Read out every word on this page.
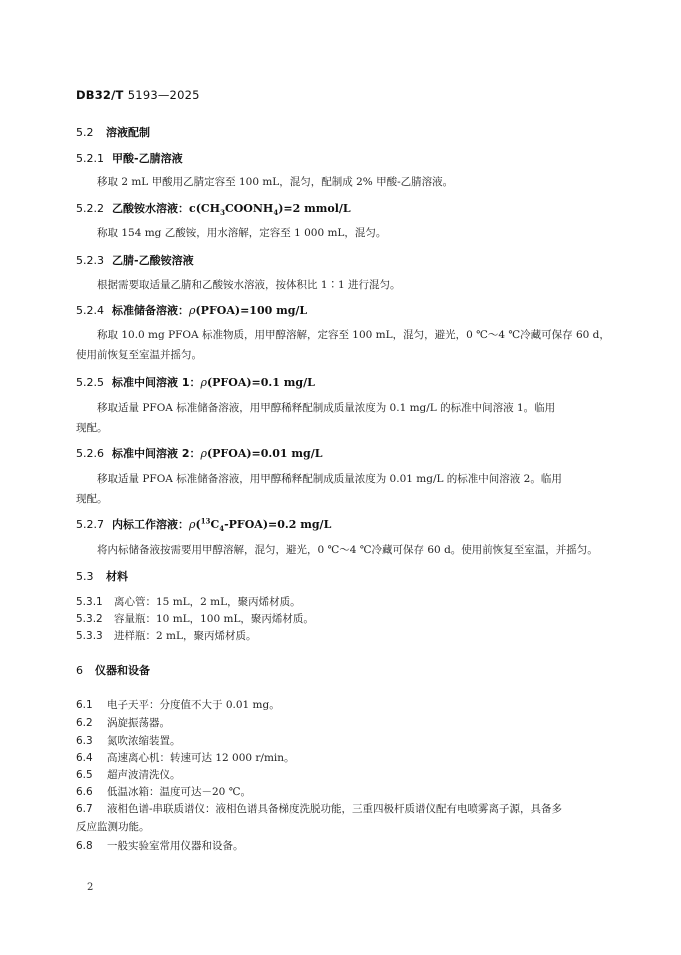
DB32/T 5193—2025
5.2 溶液配制
5.2.1 甲酸-乙腈溶液
移取 2 mL 甲酸用乙腈定容至 100 mL，混匀，配制成 2% 甲酸-乙腈溶液。
5.2.2 乙酸铵水溶液：$c(CH_3COONH_4)=2$ mmol/L
称取 154 mg 乙酸铵，用水溶解，定容至 1 000 mL，混匀。
5.2.3 乙腈-乙酸铵溶液
根据需要取适量乙腈和乙酸铵水溶液，按体积比 1∶1 进行混匀。
5.2.4 标准储备溶液：ρ(PFOA)=100 mg/L
称取 10.0 mg PFOA 标准物质，用甲醇溶解，定容至 100 mL，混匀，避光，0 ℃～4 ℃冷藏可保存 60 d，
使用前恢复至室温并摇匀。
5.2.5 标准中间溶液 1：ρ(PFOA)=0.1 mg/L
移取适量 PFOA 标准储备溶液，用甲醇稀释配制成质量浓度为 0.1 mg/L 的标准中间溶液 1。临用
现配。
5.2.6 标准中间溶液 2：ρ(PFOA)=0.01 mg/L
移取适量 PFOA 标准储备溶液，用甲醇稀释配制成质量浓度为 0.01 mg/L 的标准中间溶液 2。临用
现配。
5.2.7 内标工作溶液：$\rho(^{13}C_4-PFOA)=0.2$ mg/L
将内标储备液按需要用甲醇溶解，混匀，避光，0 ℃～4 ℃冷藏可保存 60 d。使用前恢复至室温，并摇匀。
5.3 材料
5.3.1 离心管：15 mL，2 mL，聚丙烯材质。
5.3.2 容量瓶：10 mL，100 mL，聚丙烯材质。
5.3.3 进样瓶：2 mL，聚丙烯材质。
6 仪器和设备
6.1 电子天平：分度值不大于 0.01 mg。
6.2 涡旋振荡器。
6.3 氮吹浓缩装置。
6.4 高速离心机：转速可达 12 000 r/min。
6.5 超声波清洗仪。
6.6 低温冰箱：温度可达－20 ℃。
6.7 液相色谱-串联质谱仪：液相色谱具备梯度洗脱功能，三重四极杆质谱仪配有电喷雾离子源，具备多
反应监测功能。
6.8 一般实验室常用仪器和设备。
2
